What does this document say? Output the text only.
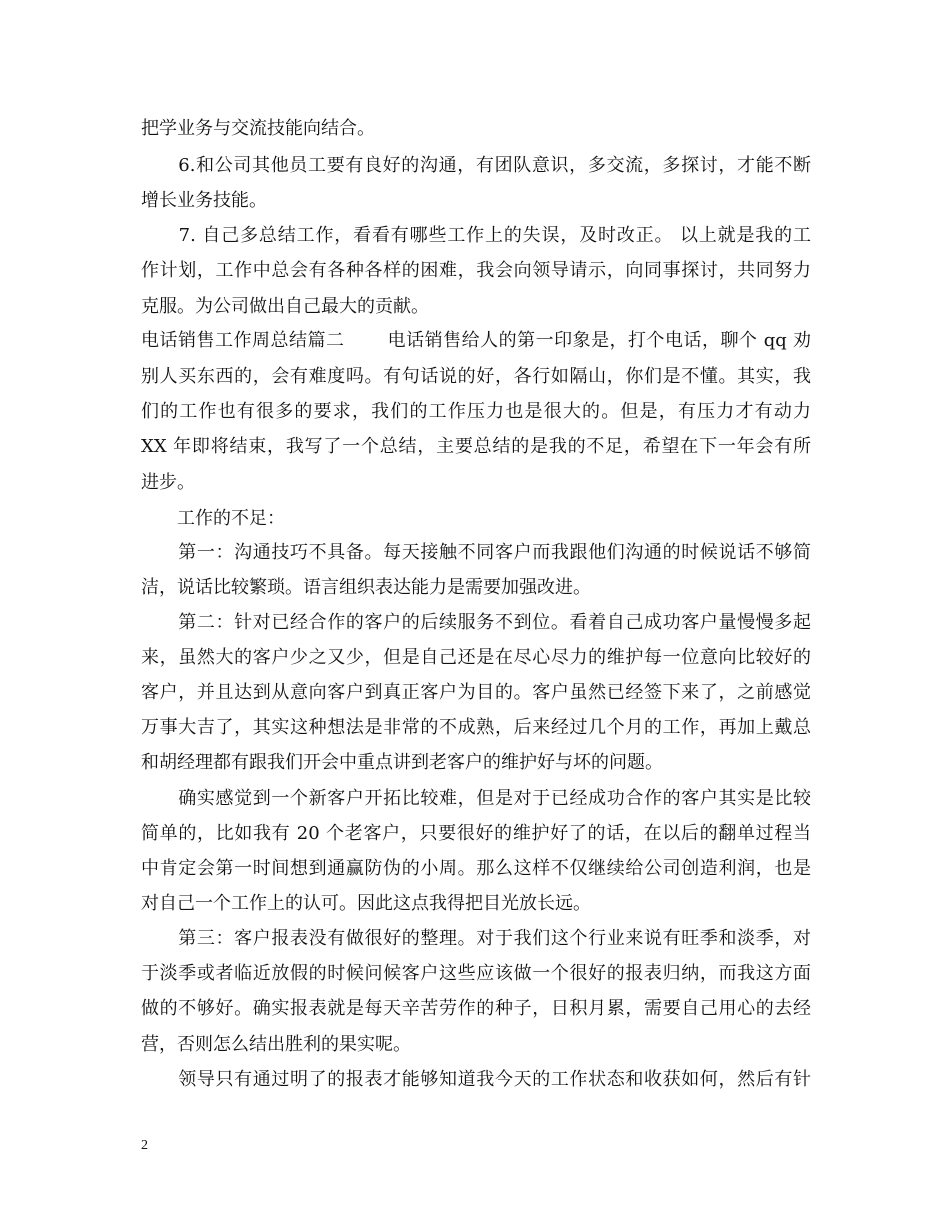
把学业务与交流技能向结合。
　　6.和公司其他员工要有良好的沟通，有团队意识，多交流，多探讨，才能不断
增长业务技能。
　　7. 自己多总结工作，看看有哪些工作上的失误，及时改正。 以上就是我的工
作计划，工作中总会有各种各样的困难，我会向领导请示，向同事探讨，共同努力
克服。为公司做出自己最大的贡献。
电话销售工作周总结篇二　　 电话销售给人的第一印象是，打个电话，聊个 qq 劝
别人买东西的，会有难度吗。有句话说的好，各行如隔山，你们是不懂。其实，我
们的工作也有很多的要求，我们的工作压力也是很大的。但是，有压力才有动力
XX 年即将结束，我写了一个总结，主要总结的是我的不足，希望在下一年会有所
进步。
　　工作的不足：
　　第一：沟通技巧不具备。每天接触不同客户而我跟他们沟通的时候说话不够简
洁，说话比较繁琐。语言组织表达能力是需要加强改进。
　　第二：针对已经合作的客户的后续服务不到位。看着自己成功客户量慢慢多起
来，虽然大的客户少之又少，但是自己还是在尽心尽力的维护每一位意向比较好的
客户，并且达到从意向客户到真正客户为目的。客户虽然已经签下来了，之前感觉
万事大吉了，其实这种想法是非常的不成熟，后来经过几个月的工作，再加上戴总
和胡经理都有跟我们开会中重点讲到老客户的维护好与坏的问题。
　　确实感觉到一个新客户开拓比较难，但是对于已经成功合作的客户其实是比较
简单的，比如我有 20 个老客户，只要很好的维护好了的话，在以后的翻单过程当
中肯定会第一时间想到通赢防伪的小周。那么这样不仅继续给公司创造利润，也是
对自己一个工作上的认可。因此这点我得把目光放长远。
　　第三：客户报表没有做很好的整理。对于我们这个行业来说有旺季和淡季，对
于淡季或者临近放假的时候问候客户这些应该做一个很好的报表归纳，而我这方面
做的不够好。确实报表就是每天辛苦劳作的种子，日积月累，需要自己用心的去经
营，否则怎么结出胜利的果实呢。
　　领导只有通过明了的报表才能够知道我今天的工作状态和收获如何，然后有针
2
